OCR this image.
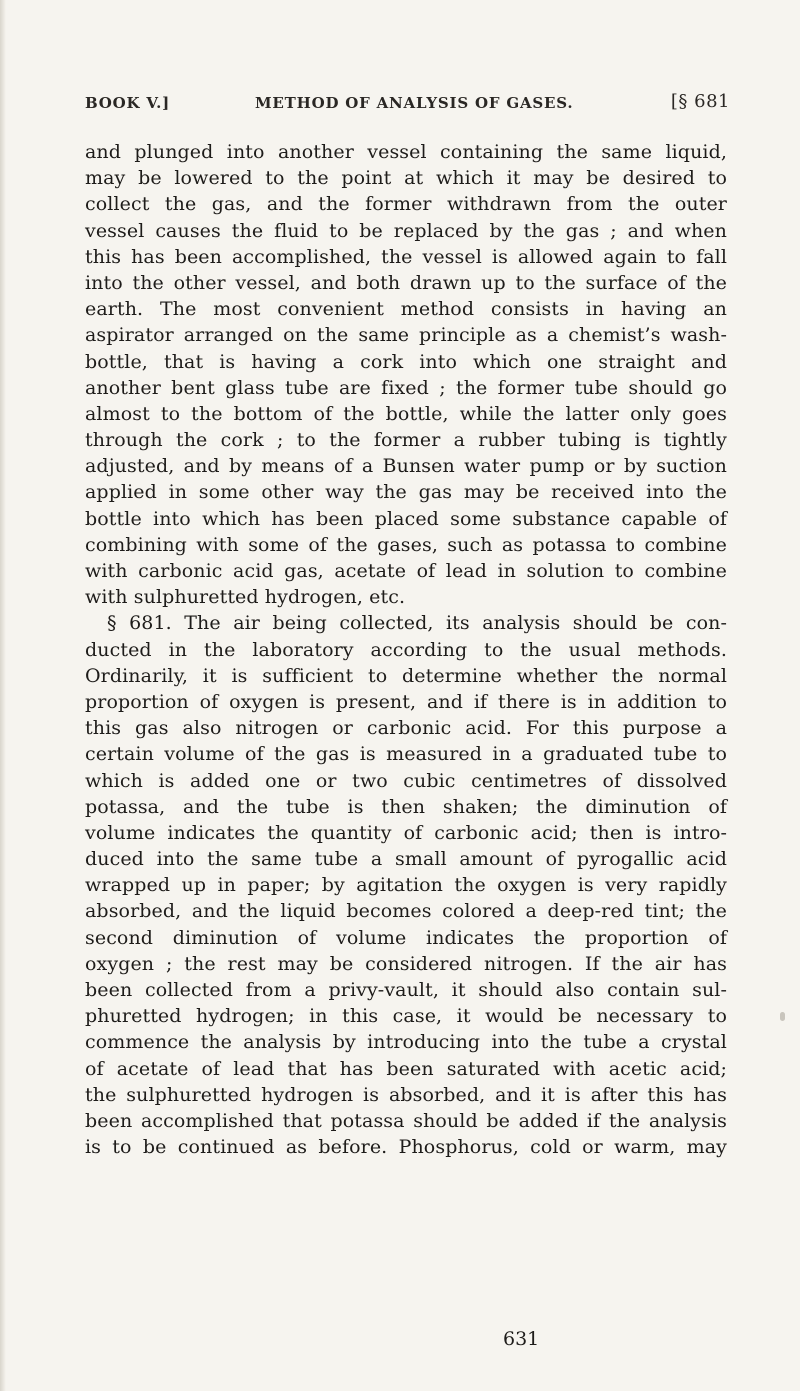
BOOK V.]	METHOD OF ANALYSIS OF GASES.	[§ 681
and plunged into another vessel containing the same liquid,
may be lowered to the point at which it may be desired to
collect the gas, and the former withdrawn from the outer
vessel causes the fluid to be replaced by the gas ; and when
this has been accomplished, the vessel is allowed again to fall
into the other vessel, and both drawn up to the surface of the
earth. The most convenient method consists in having an
aspirator arranged on the same principle as a chemist’s wash-
bottle, that is having a cork into which one straight and
another bent glass tube are fixed ; the former tube should go
almost to the bottom of the bottle, while the latter only goes
through the cork ; to the former a rubber tubing is tightly
adjusted, and by means of a Bunsen water pump or by suction
applied in some other way the gas may be received into the
bottle into which has been placed some substance capable of
combining with some of the gases, such as potassa to combine
with carbonic acid gas, acetate of lead in solution to combine
with sulphuretted hydrogen, etc.
§ 681. The air being collected, its analysis should be con-
ducted in the laboratory according to the usual methods.
Ordinarily, it is sufficient to determine whether the normal
proportion of oxygen is present, and if there is in addition to
this gas also nitrogen or carbonic acid. For this purpose a
certain volume of the gas is measured in a graduated tube to
which is added one or two cubic centimetres of dissolved
potassa, and the tube is then shaken; the diminution of
volume indicates the quantity of carbonic acid; then is intro-
duced into the same tube a small amount of pyrogallic acid
wrapped up in paper; by agitation the oxygen is very rapidly
absorbed, and the liquid becomes colored a deep-red tint; the
second diminution of volume indicates the proportion of
oxygen ; the rest may be considered nitrogen. If the air has
been collected from a privy-vault, it should also contain sul-
phuretted hydrogen; in this case, it would be necessary to
commence the analysis by introducing into the tube a crystal
of acetate of lead that has been saturated with acetic acid;
the sulphuretted hydrogen is absorbed, and it is after this has
been accomplished that potassa should be added if the analysis
is to be continued as before. Phosphorus, cold or warm, may
631
